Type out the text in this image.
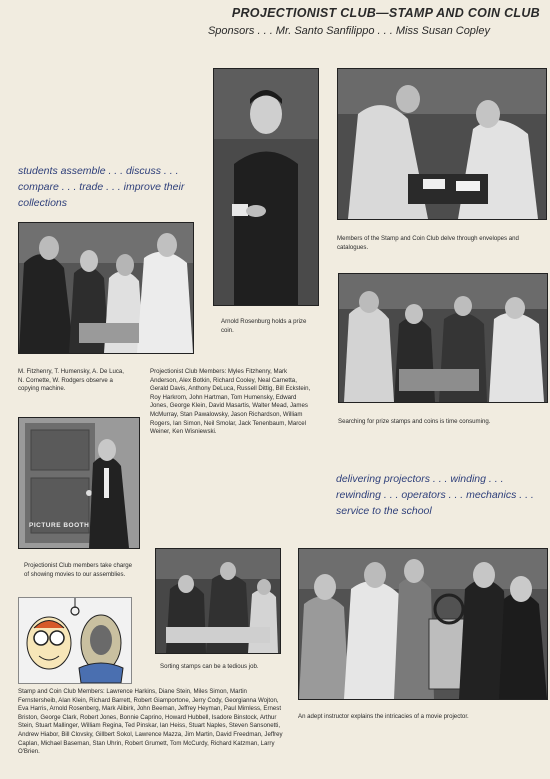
PROJECTIONIST CLUB—STAMP AND COIN CLUB
Sponsors . . . Mr. Santo Sanfilippo . . . Miss Susan Copley
Members of the Stamp and Coin Club delve through envelopes and catalogues.
students assemble . . . discuss . . . compare . . . trade . . . improve their collections
M. Fitzhenry, T. Humensky, A. De Luca, N. Cornette, W. Rodgers observe a copying machine.
Arnold Rosenburg holds a prize coin.
Projectionist Club Members: Myles Fitzhenry, Mark Anderson, Alex Botkin, Richard Cooley, Neal Carnetta, Gerald Davis, Anthony DeLuca, Russell Dittig, Bill Eckstein, Roy Harkrom, John Hartman, Tom Humensky, Edward Jones, George Klein, David Masartis, Walter Mead, James McMurray, Stan Pawalowsky, Jason Richardson, William Rogers, Ian Simon, Neil Smolar, Jack Tenenbaum, Marcel Weiner, Ken Wisniewski.
Searching for prize stamps and coins is time consuming.
PICTURE BOOTH
delivering projectors . . . winding . . . rewinding . . . operators . . . mechanics . . . service to the school
Projectionist Club members take charge of showing movies to our assemblies.
Sorting stamps can be a tedious job.
An adept instructor explains the intricacies of a movie projector.
Stamp and Coin Club Members: Lawrence Harkins, Diane Stein, Miles Simon, Martin Fernstersheib, Alan Klein, Richard Barrett, Robert Giamportone, Jerry Cody, Georgianna Wojton, Eva Harris, Arnold Rosenberg, Mark Alibirk, John Beeman, Jeffrey Heyman, Paul Mimless, Ernest Briston, George Clark, Robert Jones, Bonnie Caprino, Howard Hubbell, Isadore Binstock, Arthur Stein, Stuart Mallinger, William Regina, Ted Pinskar, Ian Heiss, Stuart Naples, Steven Sansonetti, Andrew Hiabor, Bill Clovsky, Gillbert Sokol, Lawrence Mazza, Jim Martin, David Freedman, Jeffrey Caplan, Michael Baseman, Stan Uhrin, Robert Grumett, Tom McCurdy, Richard Katzman, Larry O'Brien.
